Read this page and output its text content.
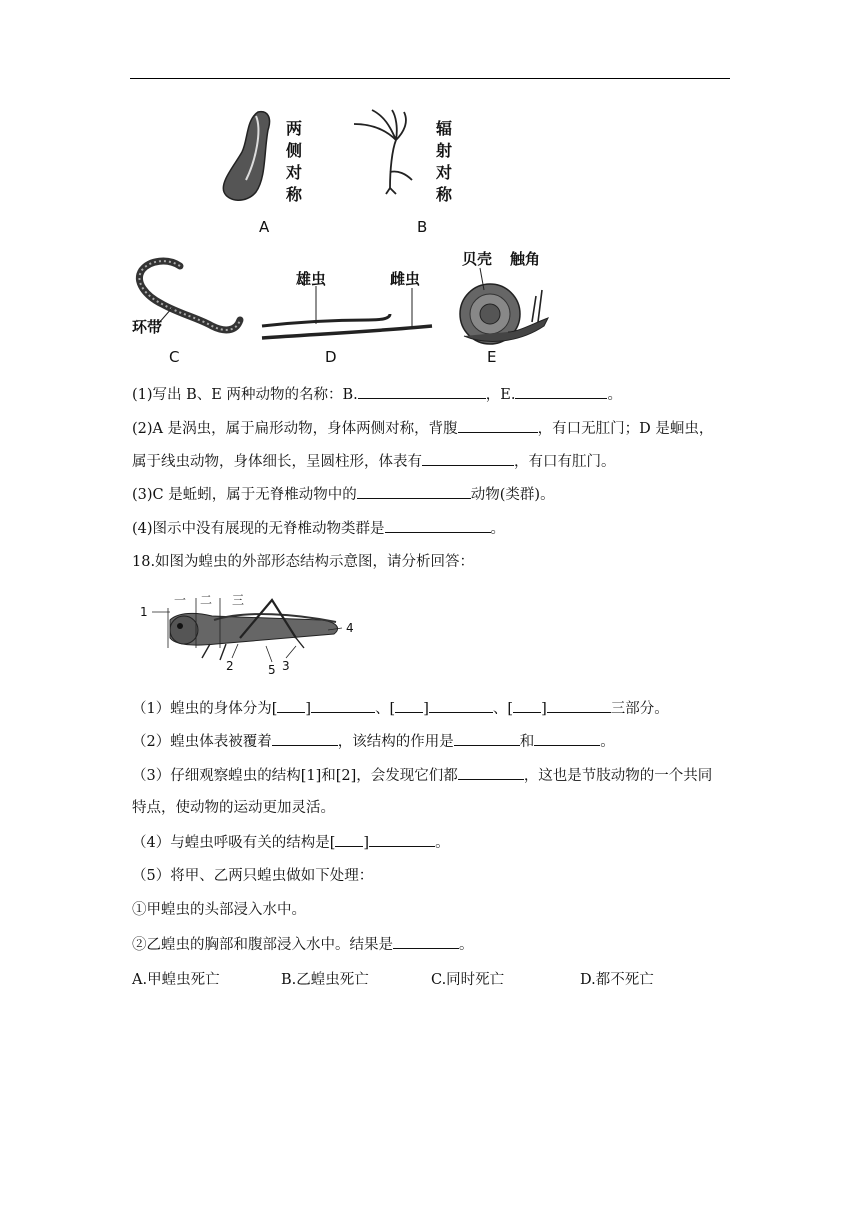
两
侧
对
称
A
辐
射
对
称
B
环带
C
雄虫	雌虫
D
贝壳 触角
E
(1)写出 B、E 两种动物的名称：B.	，E.	。
(2)A 是涡虫，属于扁形动物，身体两侧对称，背腹	，有口无肛门；D 是蛔虫，
属于线虫动物，身体细长，呈圆柱形，体表有	，有口有肛门。
(3)C 是蚯蚓，属于无脊椎动物中的	动物(类群)。
(4)图示中没有展现的无脊椎动物类群是	。
18.如图为蝗虫的外部形态结构示意图，请分析回答：
1
一 二 三
4
2	5 3
（1）蝗虫的身体分为[ ]	、[ ]	、[ ]	三部分。
（2）蝗虫体表被覆着	，该结构的作用是	和	。
（3）仔细观察蝗虫的结构[1]和[2]，会发现它们都	，这也是节肢动物的一个共同
特点，使动物的运动更加灵活。
（4）与蝗虫呼吸有关的结构是[ ]	。
（5）将甲、乙两只蝗虫做如下处理：
①甲蝗虫的头部浸入水中。
②乙蝗虫的胸部和腹部浸入水中。结果是	。
A.甲蝗虫死亡	B.乙蝗虫死亡	C.同时死亡	D.都不死亡
